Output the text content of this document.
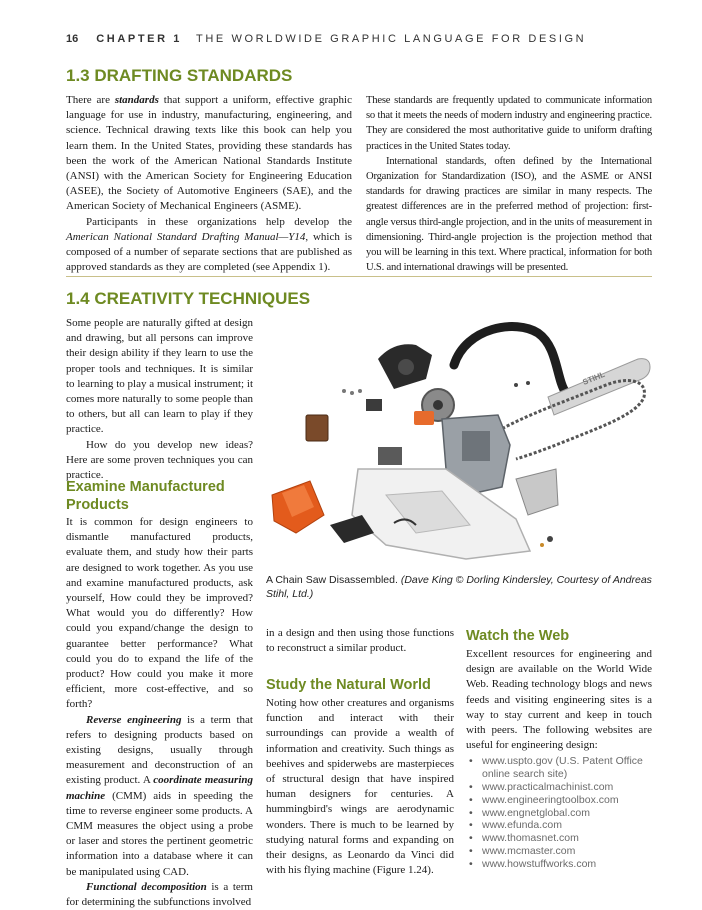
16 CHAPTER 1 THE WORLDWIDE GRAPHIC LANGUAGE FOR DESIGN
1.3 DRAFTING STANDARDS

There are standards that support a uniform, effective graphic language for use in industry, manufacturing, engineering, and science. Technical drawing texts like this book can help you learn them. In the United States, providing these standards has been the work of the American National Standards Institute (ANSI) with the American Society for Engineering Education (ASEE), the Society of Automotive Engineers (SAE), and the American Society of Mechanical Engineers (ASME).

Participants in these organizations help develop the American National Standard Drafting Manual—Y14, which is composed of a number of separate sections that are published as approved standards as they are completed (see Appendix 1).

These standards are frequently updated to communicate information so that it meets the needs of modern industry and engineering practice. They are considered the most authoritative guide to uniform drafting practices in the United States today.

International standards, often defined by the International Organization for Standardization (ISO), and the ASME or ANSI standards for drawing practices are similar in many respects. The greatest differences are in the preferred method of projection: first-angle versus third-angle projection, and in the units of measurement in dimensioning. Third-angle projection is the projection method that you will be learning in this text. Where practical, information for both U.S. and international drawings will be presented.

1.4 CREATIVITY TECHNIQUES

Some people are naturally gifted at design and drawing, but all persons can improve their design ability if they learn to use the proper tools and techniques. It is similar to learning to play a musical instrument; it comes more naturally to some people than to others, but all can learn to play if they practice.

How do you develop new ideas? Here are some proven techniques you can practice.

STIHL
A Chain Saw Disassembled. (Dave King © Dorling Kindersley, Courtesy of Andreas Stihl, Ltd.)
Examine Manufactured Products

It is common for design engineers to dismantle manufactured products, evaluate them, and study how their parts are designed to work together. As you use and examine manufactured products, ask yourself, How could they be improved? What would you do differently? How could you expand/change the design to guarantee better performance? What could you do to expand the life of the product? How could you make it more efficient, more cost-effective, and so forth?

Reverse engineering is a term that refers to designing products based on existing designs, usually through measurement and deconstruction of an existing product. A coordinate measuring machine (CMM) aids in speeding the time to reverse engineer some products. A CMM measures the object using a probe or laser and stores the pertinent geometric information into a database where it can be manipulated using CAD.

Functional decomposition is a term for determining the subfunctions involved

in a design and then using those functions to reconstruct a similar product.
Study the Natural World
Noting how other creatures and organisms function and interact with their surroundings can provide a wealth of information and creativity. Such things as beehives and spiderwebs are masterpieces of structural design that have inspired human designers for centuries. A hummingbird's wings are aerodynamic wonders. There is much to be learned by studying natural forms and expanding on their designs, as Leonardo da Vinci did with his flying machine (Figure 1.24).
Watch the Web

Excellent resources for engineering and design are available on the World Wide Web. Reading technology blogs and news feeds and visiting engineering sites is a way to stay current and keep in touch with peers. The following websites are useful for engineering design:

• www.uspto.gov (U.S. Patent Office online search site)
• www.practicalmachinist.com
• www.engineeringtoolbox.com
• www.engnetglobal.com
• www.efunda.com
• www.thomasnet.com
• www.mcmaster.com
• www.howstuffworks.com
